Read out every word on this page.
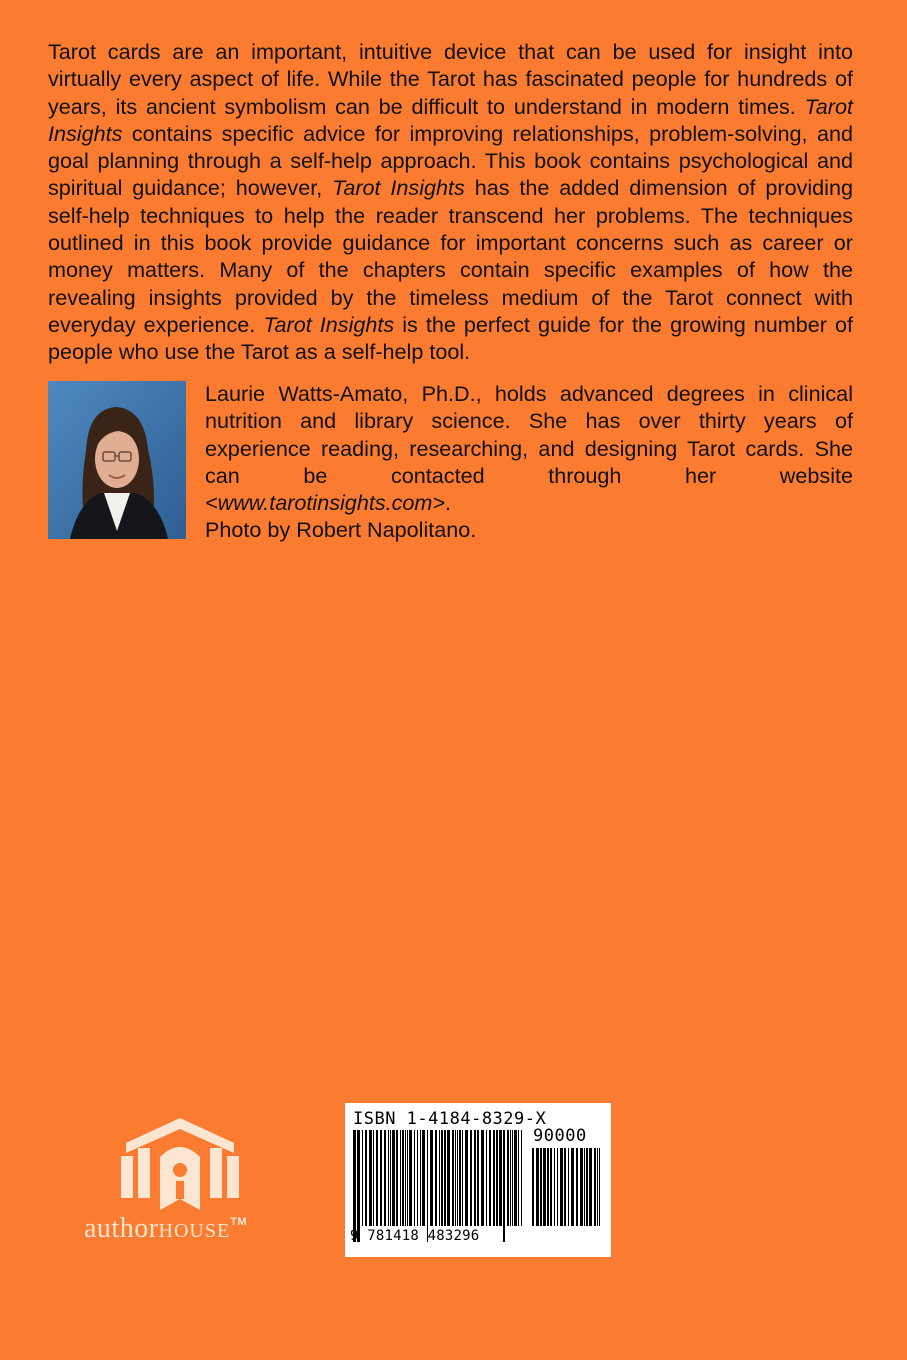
Tarot cards are an important, intuitive device that can be used for insight into virtually every aspect of life. While the Tarot has fascinated people for hundreds of years, its ancient symbolism can be difficult to understand in modern times. Tarot Insights contains specific advice for improving relationships, problem-solving, and goal planning through a self-help approach. This book contains psychological and spiritual guidance; however, Tarot Insights has the added dimension of providing self-help techniques to help the reader transcend her problems. The techniques outlined in this book provide guidance for important concerns such as career or money matters. Many of the chapters contain specific examples of how the revealing insights provided by the timeless medium of the Tarot connect with everyday experience. Tarot Insights is the perfect guide for the growing number of people who use the Tarot as a self-help tool.

Laurie Watts-Amato, Ph.D., holds advanced degrees in clinical nutrition and library science. She has over thirty years of experience reading, researching, and designing Tarot cards. She can be contacted through her website
<www.tarotinsights.com>.
Photo by Robert Napolitano.

authorHOUSE™
ISBN 1-4184-8329-X
90000
9 781418 483296
